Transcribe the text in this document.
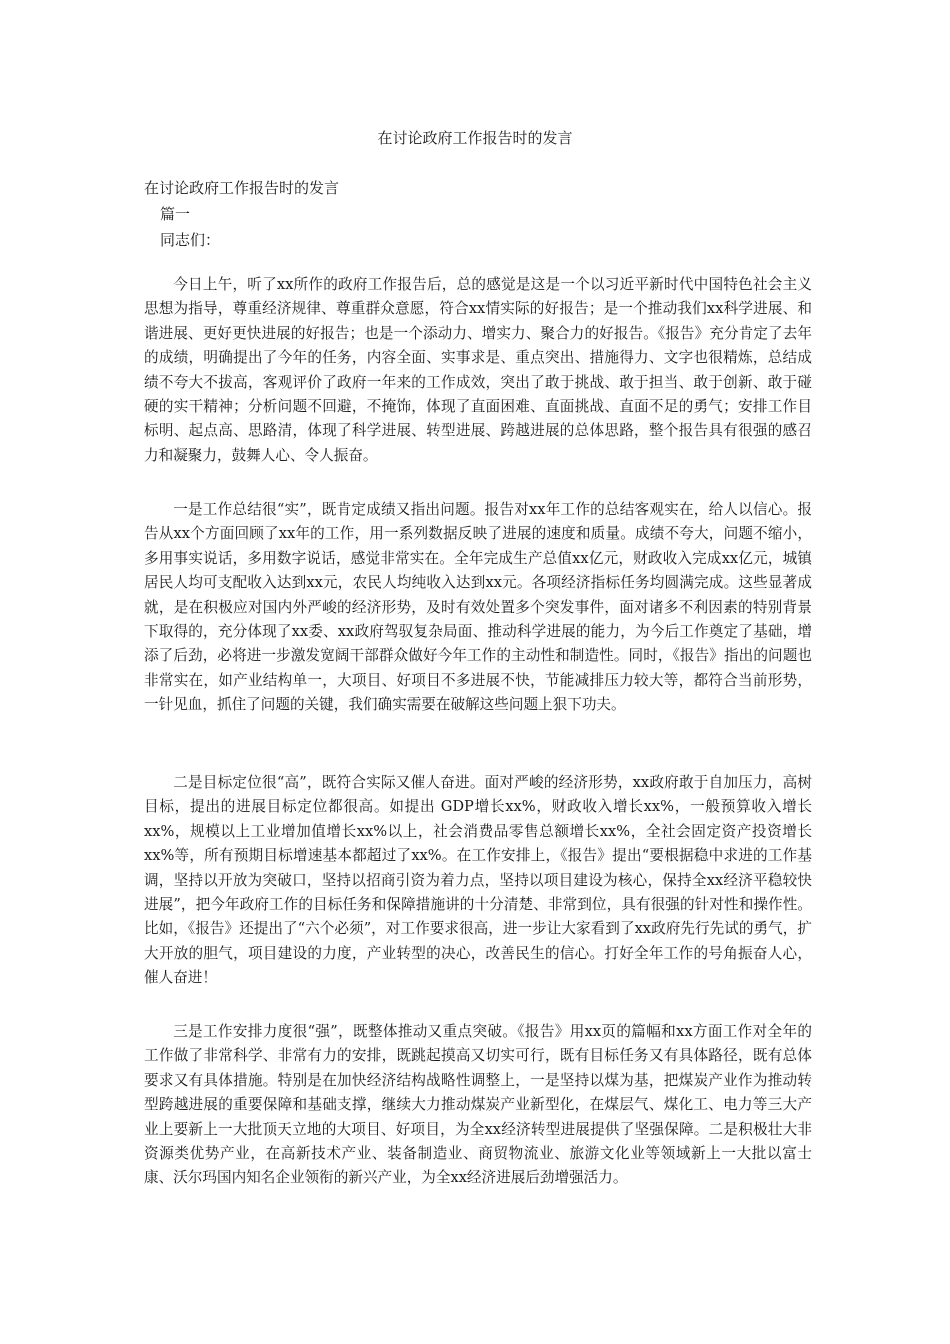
在讨论政府工作报告时的发言
在讨论政府工作报告时的发言
篇一
同志们：

今日上午，听了xx所作的政府工作报告后，总的感觉是这是一个以习近平新时代中国特色社会主义思想为指导，尊重经济规律、尊重群众意愿，符合xx情实际的好报告；是一个推动我们xx科学进展、和谐进展、更好更快进展的好报告；也是一个添动力、增实力、聚合力的好报告。《报告》充分肯定了去年的成绩，明确提出了今年的任务，内容全面、实事求是、重点突出、措施得力、文字也很精炼，总结成绩不夸大不拔高，客观评价了政府一年来的工作成效，突出了敢于挑战、敢于担当、敢于创新、敢于碰硬的实干精神；分析问题不回避，不掩饰，体现了直面困难、直面挑战、直面不足的勇气；安排工作目标明、起点高、思路清，体现了科学进展、转型进展、跨越进展的总体思路，整个报告具有很强的感召力和凝聚力，鼓舞人心、令人振奋。

一是工作总结很“实”，既肯定成绩又指出问题。报告对xx年工作的总结客观实在，给人以信心。报告从xx个方面回顾了xx年的工作，用一系列数据反映了进展的速度和质量。成绩不夸大，问题不缩小，多用事实说话，多用数字说话，感觉非常实在。全年完成生产总值xx亿元，财政收入完成xx亿元，城镇居民人均可支配收入达到xx元，农民人均纯收入达到xx元。各项经济指标任务均圆满完成。这些显著成就，是在积极应对国内外严峻的经济形势，及时有效处置多个突发事件，面对诸多不利因素的特别背景下取得的，充分体现了xx委、xx政府驾驭复杂局面、推动科学进展的能力，为今后工作奠定了基础，增添了后劲，必将进一步激发宽阔干部群众做好今年工作的主动性和制造性。同时，《报告》指出的问题也非常实在，如产业结构单一，大项目、好项目不多进展不快，节能减排压力较大等，都符合当前形势，一针见血，抓住了问题的关键，我们确实需要在破解这些问题上狠下功夫。

二是目标定位很“高”，既符合实际又催人奋进。面对严峻的经济形势，xx政府敢于自加压力，高树目标，提出的进展目标定位都很高。如提出 GDP增长xx%，财政收入增长xx%，一般预算收入增长xx%，规模以上工业增加值增长xx%以上，社会消费品零售总额增长xx%，全社会固定资产投资增长xx%等，所有预期目标增速基本都超过了xx%。在工作安排上，《报告》提出“要根据稳中求进的工作基调，坚持以开放为突破口，坚持以招商引资为着力点，坚持以项目建设为核心，保持全xx经济平稳较快进展”，把今年政府工作的目标任务和保障措施讲的十分清楚、非常到位，具有很强的针对性和操作性。比如，《报告》还提出了“六个必须”，对工作要求很高，进一步让大家看到了xx政府先行先试的勇气，扩大开放的胆气，项目建设的力度，产业转型的决心，改善民生的信心。打好全年工作的号角振奋人心，催人奋进！

三是工作安排力度很“强”，既整体推动又重点突破。《报告》用xx页的篇幅和xx方面工作对全年的工作做了非常科学、非常有力的安排，既跳起摸高又切实可行，既有目标任务又有具体路径，既有总体要求又有具体措施。特别是在加快经济结构战略性调整上，一是坚持以煤为基，把煤炭产业作为推动转型跨越进展的重要保障和基础支撑，继续大力推动煤炭产业新型化，在煤层气、煤化工、电力等三大产业上要新上一大批顶天立地的大项目、好项目，为全xx经济转型进展提供了坚强保障。二是积极壮大非资源类优势产业，在高新技术产业、装备制造业、商贸物流业、旅游文化业等领域新上一大批以富士康、沃尔玛国内知名企业领衔的新兴产业，为全xx经济进展后劲增强活力。
